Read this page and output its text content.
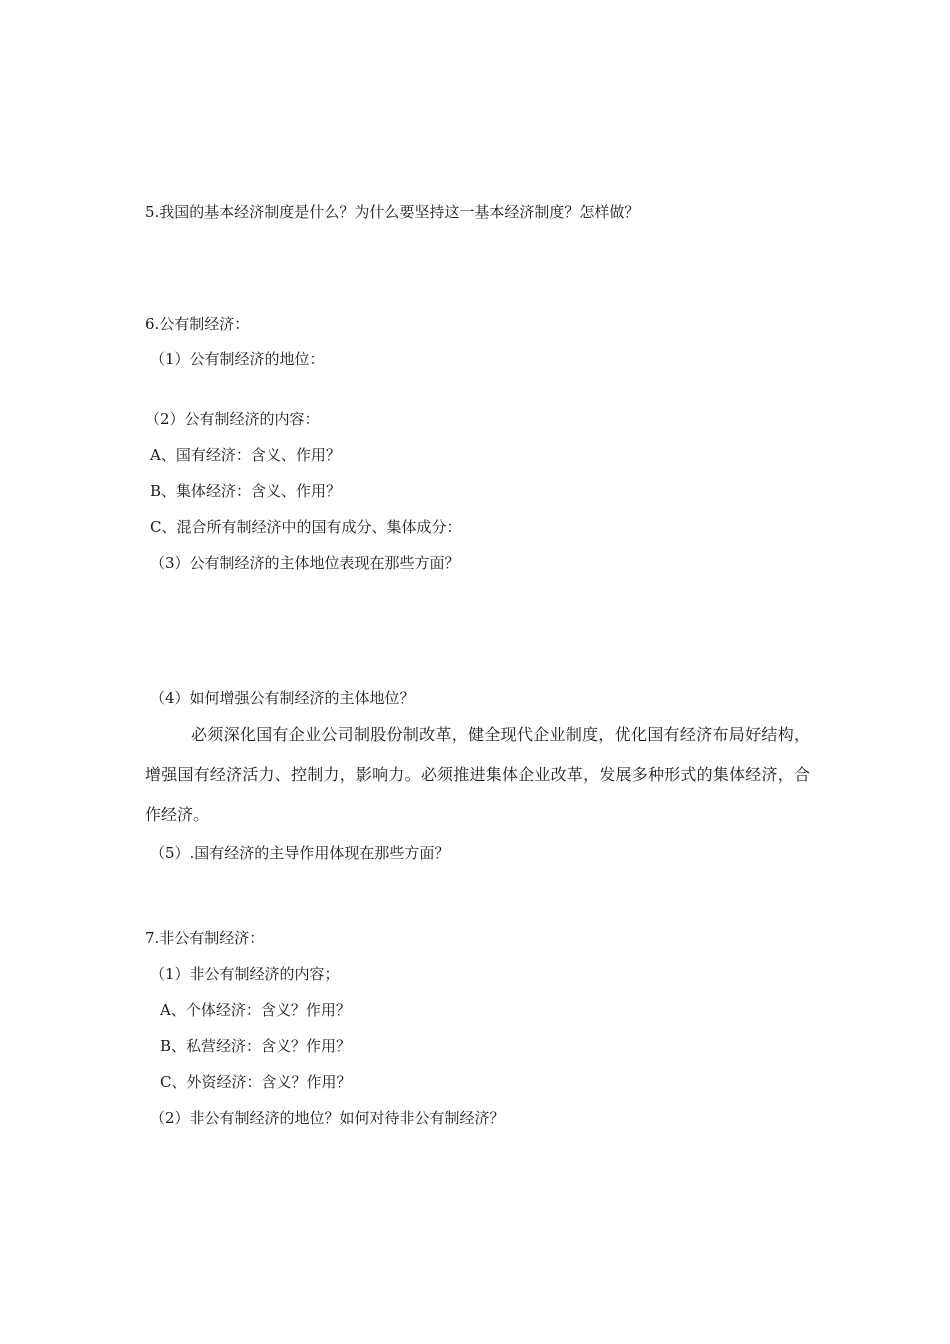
5.我国的基本经济制度是什么？为什么要坚持这一基本经济制度？怎样做？
6.公有制经济：
（1）公有制经济的地位：
（2）公有制经济的内容：
A、国有经济：含义、作用？
B、集体经济：含义、作用？
C、混合所有制经济中的国有成分、集体成分：
（3）公有制经济的主体地位表现在那些方面？
（4）如何增强公有制经济的主体地位？
必须深化国有企业公司制股份制改革，健全现代企业制度，优化国有经济布局好结构，增强国有经济活力、控制力，影响力。必须推进集体企业改革，发展多种形式的集体经济，合作经济。
（5）.国有经济的主导作用体现在那些方面？
7.非公有制经济：
（1）非公有制经济的内容；
A、个体经济：含义？作用？
B、私营经济：含义？作用？
C、外资经济：含义？作用？
（2）非公有制经济的地位？如何对待非公有制经济？
